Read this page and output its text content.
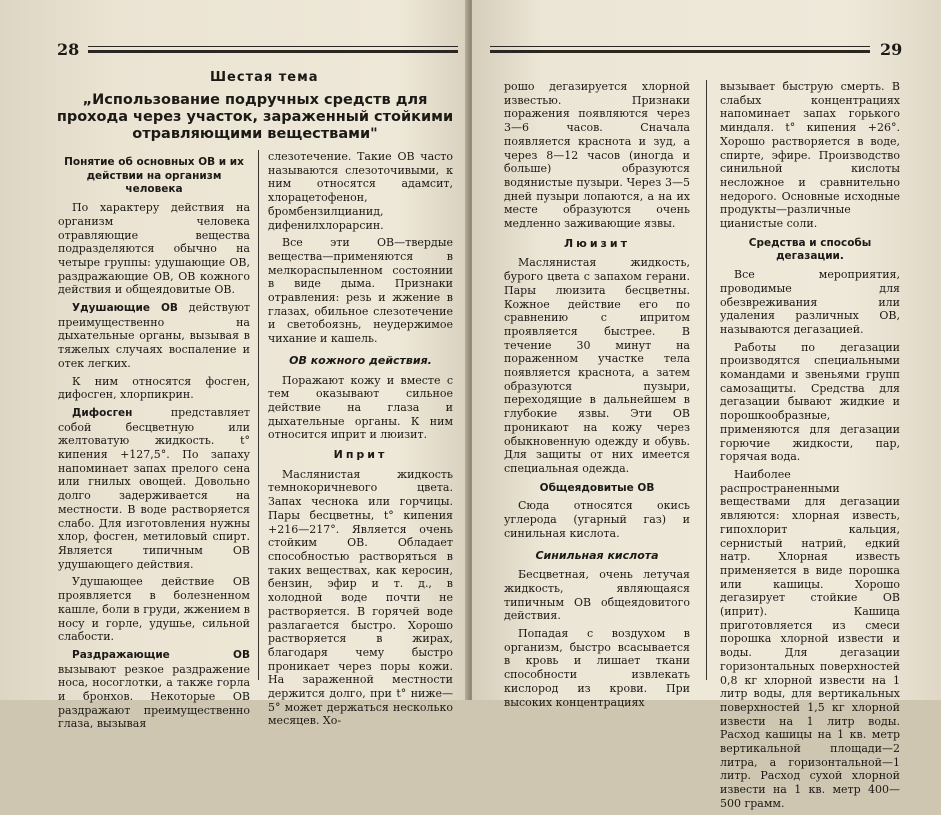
28
Шестая тема
„Использование подручных средств для прохода через участок, зараженный стойкими отравляющими веществами"
Понятие об основных ОВ и их действии на организм человека

По характеру действия на организм человека отравляющие вещества подразделяются обычно на четыре группы: удушающие ОВ, раздражающие ОВ, ОВ кожного действия и общеядовитые ОВ.

Удушающие ОВ действуют преимущественно на дыхательные органы, вызывая в тяжелых случаях воспаление и отек легких.

К ним относятся фосген, дифосген, хлорпикрин.

Дифосген представляет собой бесцветную или желтоватую жидкость. t° кипения +127,5°. По запаху напоминает запах прелого сена или гнилых овощей. Довольно долго задерживается на местности. В воде растворяется слабо. Для изготовления нужны хлор, фосген, метиловый спирт. Является типичным ОВ удушающего действия.

Удушающее действие ОВ проявляется в болезненном кашле, боли в груди, жжением в носу и горле, удушье, сильной слабости.

Раздражающие ОВ вызывают резкое раздражение носа, носоглотки, а также горла и бронхов. Некоторые ОВ раздражают преимущественно глаза, вызывая

слезотечение. Такие ОВ часто называются слезоточивыми, к ним относятся адамсит, хлорацетофенон, бромбензилцианид, дифенилхлорарсин.

Все эти ОВ—твердые вещества—применяются в мелкораспыленном состоянии в виде дыма. Признаки отравления: резь и жжение в глазах, обильное слезотечение и светобоязнь, неудержимое чихание и кашель.

ОВ кожного действия.

Поражают кожу и вместе с тем оказывают сильное действие на глаза и дыхательные органы. К ним относится иприт и люизит.

Иприт

Маслянистая жидкость темнокоричневого цвета. Запах чеснока или горчицы. Пары бесцветны, t° кипения +216—217°. Является очень стойким ОВ. Обладает способностью растворяться в таких веществах, как керосин, бензин, эфир и т. д., в холодной воде почти не растворяется. В горячей воде разлагается быстро. Хорошо растворяется в жирах, благодаря чему быстро проникает через поры кожи. На зараженной местности держится долго, при t° ниже—5° может держаться несколько месяцев. Хо-

29

рошо дегазируется хлорной известью. Признаки поражения появляются через 3—6 часов. Сначала появляется краснота и зуд, а через 8—12 часов (иногда и больше) образуются водянистые пузыри. Через 3—5 дней пузыри лопаются, а на их месте образуются очень медленно заживающие язвы.

Люизит

Маслянистая жидкость, бурого цвета с запахом герани. Пары люизита бесцветны. Кожное действие его по сравнению с ипритом проявляется быстрее. В течение 30 минут на пораженном участке тела появляется краснота, а затем образуются пузыри, переходящие в дальнейшем в глубокие язвы. Эти ОВ проникают на кожу через обыкновенную одежду и обувь. Для защиты от них имеется специальная одежда.

Общеядовитые ОВ

Сюда относятся окись углерода (угарный газ) и синильная кислота.

Синильная кислота

Бесцветная, очень летучая жидкость, являющаяся типичным ОВ общеядовитого действия.

Попадая с воздухом в организм, быстро всасывается в кровь и лишает ткани способности извлекать кислород из крови. При высоких концентрациях

вызывает быструю смерть. В слабых концентрациях напоминает запах горького миндаля. t° кипения +26°. Хорошо растворяется в воде, спирте, эфире. Производство синильной кислоты несложное и сравнительно недорого. Основные исходные продукты—различные цианистые соли.

Средства и способы дегазации.

Все мероприятия, проводимые для обезвреживания или удаления различных ОВ, называются дегазацией.

Работы по дегазации производятся специальными командами и звеньями групп самозащиты. Средства для дегазации бывают жидкие и порошкообразные, применяются для дегазации горючие жидкости, пар, горячая вода.

Наиболее распространенными веществами для дегазации являются: хлорная известь, гипохлорит кальция, сернистый натрий, едкий натр. Хлорная известь применяется в виде порошка или кашицы. Хорошо дегазирует стойкие ОВ (иприт). Кашица приготовляется из смеси порошка хлорной извести и воды. Для дегазации горизонтальных поверхностей 0,8 кг хлорной извести на 1 литр воды, для вертикальных поверхностей 1,5 кг хлорной извести на 1 литр воды. Расход кашицы на 1 кв. метр вертикальной площади—2 литра, а горизонтальной—1 литр. Расход сухой хлорной извести на 1 кв. метр 400—500 грамм.
